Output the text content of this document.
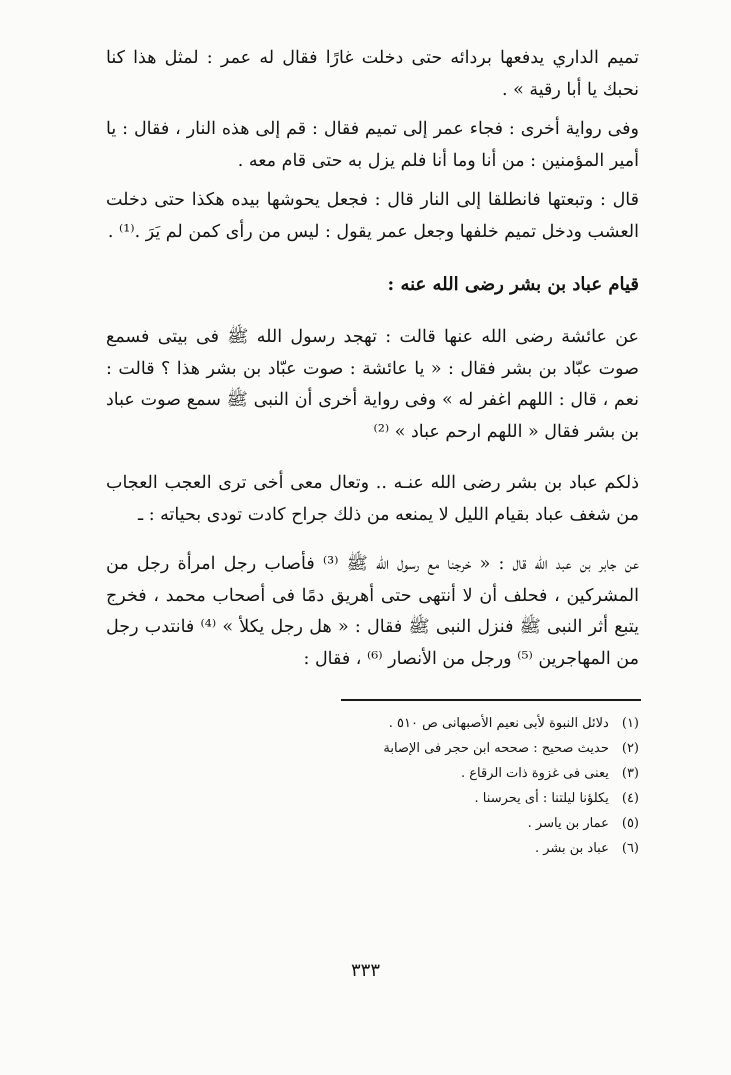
تميم الداري يدفعها بردائه حتى دخلت غارًا فقال له عمر : لمثل هذا كنا نحبك يا أبا رقية » .

وفى رواية أخرى : فجاء عمر إلى تميم فقال : قم إلى هذه النار ، فقال : يا أمير المؤمنين : من أنا وما أنا فلم يزل به حتى قام معه .

قال : وتبعتها فانطلقا إلى النار قال : فجعل يحوشها بيده هكذا حتى دخلت العشب ودخل تميم خلفها وجعل عمر يقول : ليس من رأى كمن لم يَرَ .⁽¹⁾ .

قيام عباد بن بشر رضى الله عنه :

عن عائشة رضى الله عنها قالت : تهجد رسول الله ﷺ فى بيتى فسمع صوت عبّاد بن بشر فقال : « يا عائشة : صوت عبّاد بن بشر هذا ؟ قالت : نعم ، قال : اللهم اغفر له » وفى رواية أخرى أن النبى ﷺ سمع صوت عباد بن بشر فقال « اللهم ارحم عباد » ⁽²⁾

ذلكم عباد بن بشر رضى الله عنـه .. وتعال معى أخى ترى العجب العجاب من شغف عباد بقيام الليل لا يمنعه من ذلك جراح كادت تودى بحياته : ـ

عن جابر بن عبد الله قال : « خرجنا مع رسول الله ﷺ ⁽³⁾ فأصاب رجل امرأة رجل من المشركين ، فحلف أن لا أنتهى حتى أهريق دمًا فى أصحاب محمد ، فخرج يتبع أثر النبى ﷺ فنزل النبى ﷺ فقال : « هل رجل يكلأ » ⁽⁴⁾ فانتدب رجل من المهاجرين ⁽⁵⁾ ورجل من الأنصار ⁽⁶⁾ ، فقال :

(١) دلائل النبوة لأبى نعيم الأصبهانى ص ٥١٠ .
(٢) حديث صحيح : صححه ابن حجر فى الإصابة
(٣) يعنى فى غزوة ذات الرقاع .
(٤) يكلؤنا ليلتنا : أى يحرسنا .
(٥) عمار بن ياسر .
(٦) عباد بن بشر .
٣٣٣
